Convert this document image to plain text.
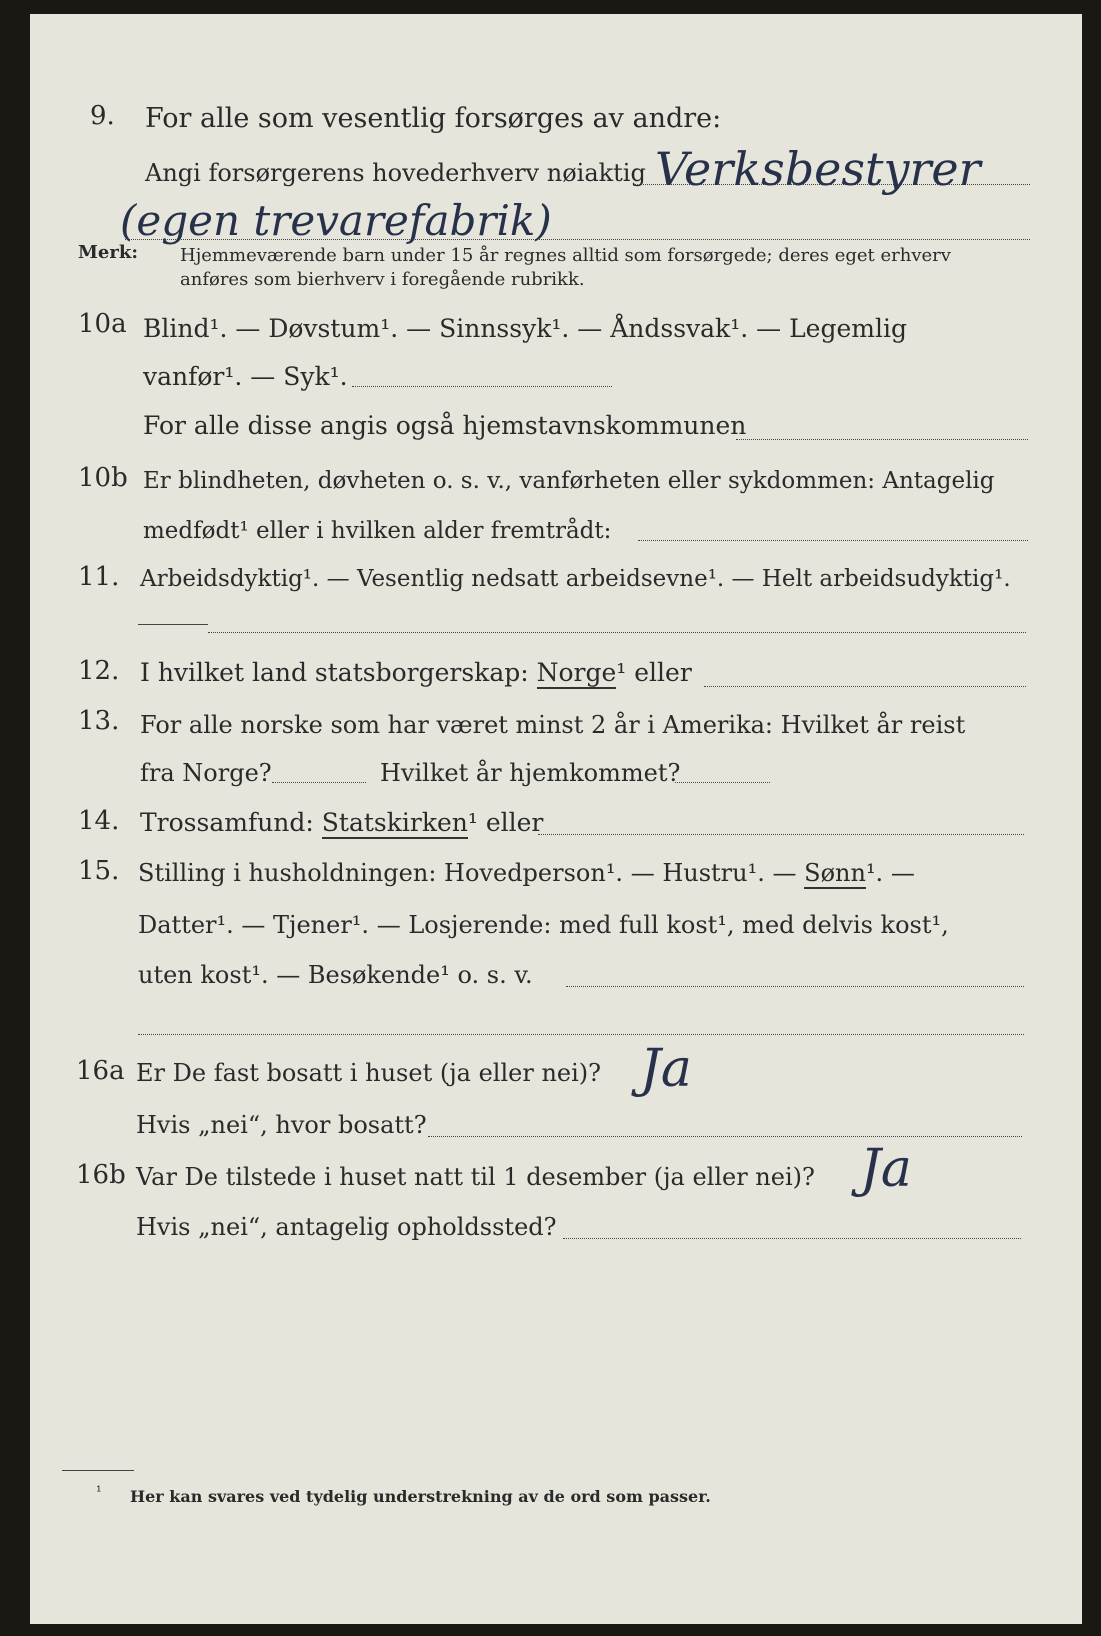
9. For alle som vesentlig forsørges av andre:
Angi forsørgerens hovederhverv nøiaktig Verksbestyrer
(egen trevarefabrik)
Merk: Hjemmeværende barn under 15 år regnes alltid som forsørgede; deres eget erhverv
anføres som bierhverv i foregående rubrikk.
10a Blind¹. — Døvstum¹. — Sinnssyk¹. — Åndssvak¹. — Legemlig
vanfør¹. — Syk¹.
For alle disse angis også hjemstavnskommunen
10b Er blindheten, døvheten o. s. v., vanførheten eller sykdommen: Antagelig
medfødt¹ eller i hvilken alder fremtrådt:
11. Arbeidsdyktig¹. — Vesentlig nedsatt arbeidsevne¹. — Helt arbeidsudyktig¹.
12. I hvilket land statsborgerskap: Norge¹ eller
13. For alle norske som har været minst 2 år i Amerika: Hvilket år reist
fra Norge?	Hvilket år hjemkommet?
14. Trossamfund: Statskirken¹ eller
15. Stilling i husholdningen: Hovedperson¹. — Hustru¹. — Sønn¹. —
Datter¹. — Tjener¹. — Losjerende: med full kost¹, med delvis kost¹,
uten kost¹. — Besøkende¹ o. s. v.
16a Er De fast bosatt i huset (ja eller nei)? Ja
Hvis „nei“, hvor bosatt?
16b Var De tilstede i huset natt til 1 desember (ja eller nei)? Ja
Hvis „nei“, antagelig opholdssted?
¹ Her kan svares ved tydelig understrekning av de ord som passer.
